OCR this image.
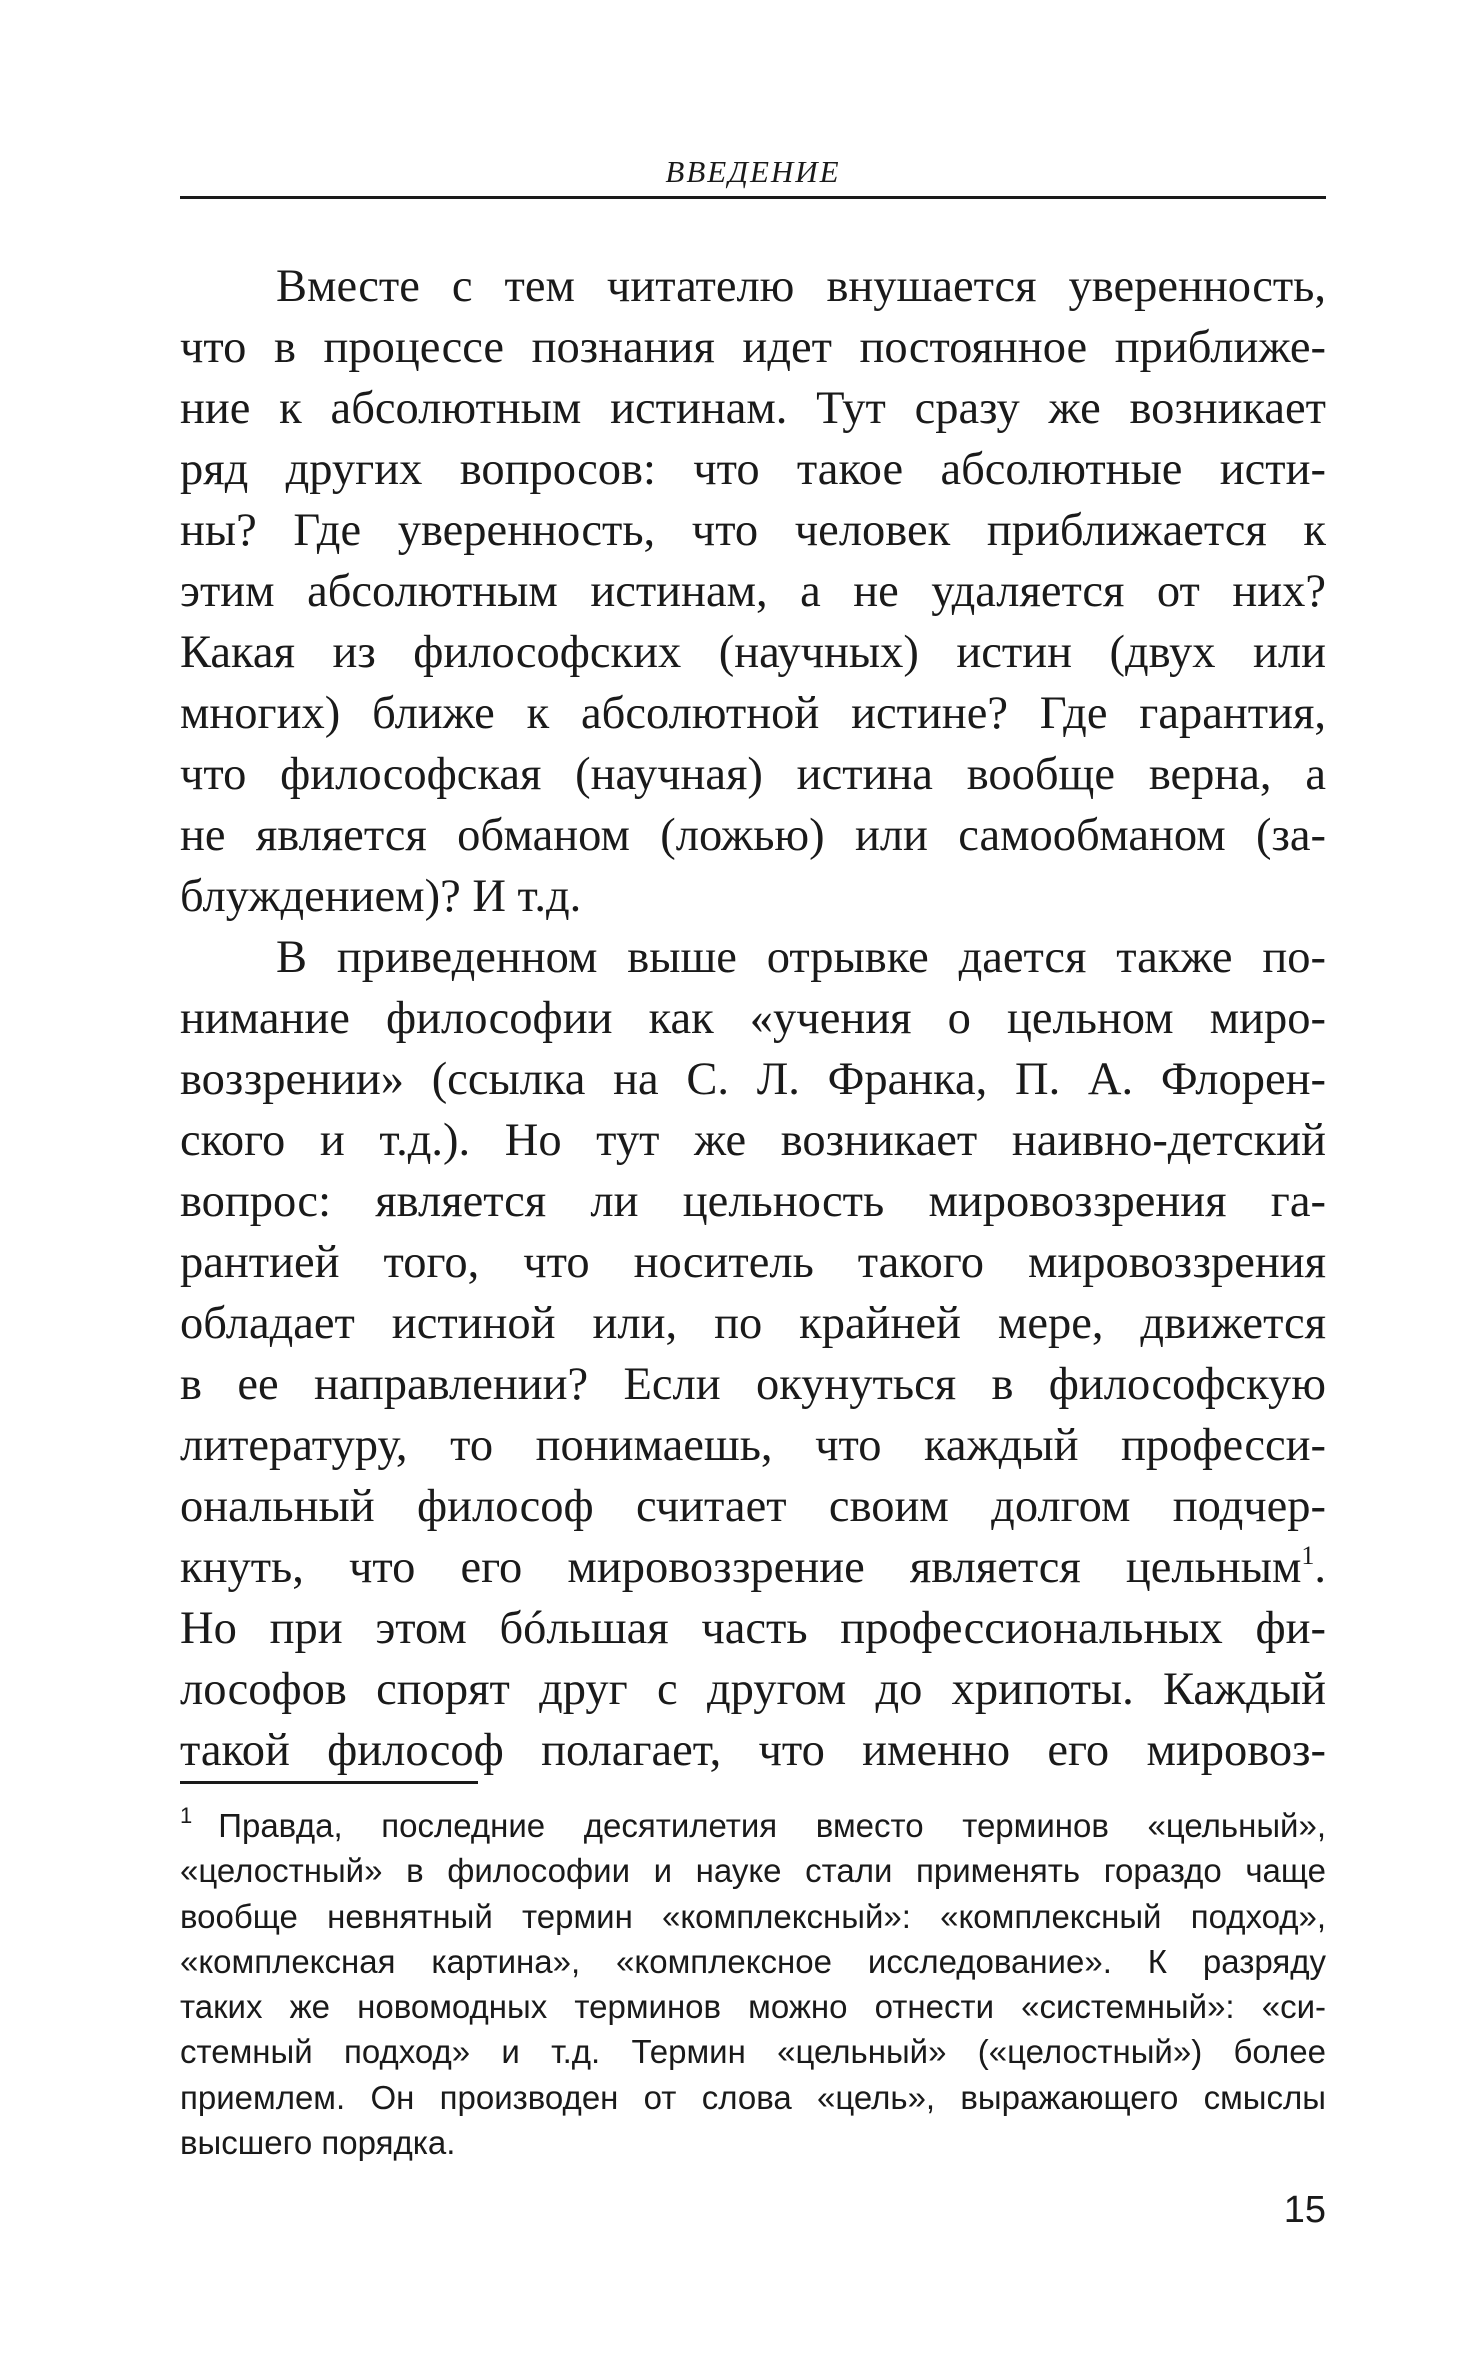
ВВЕДЕНИЕ
Вместе с тем читателю внушается уверенность,
что в процессе познания идет постоянное приближе-
ние к абсолютным истинам. Тут сразу же возникает
ряд других вопросов: что такое абсолютные исти-
ны? Где уверенность, что человек приближается к
этим абсолютным истинам, а не удаляется от них?
Какая из философских (научных) истин (двух или
многих) ближе к абсолютной истине? Где гарантия,
что философская (научная) истина вообще верна, а
не является обманом (ложью) или самообманом (за-
блуждением)? И т.д.
В приведенном выше отрывке дается также по-
нимание философии как «учения о цельном миро-
воззрении» (ссылка на С. Л. Франка, П. А. Флорен-
ского и т.д.). Но тут же возникает наивно-детский
вопрос: является ли цельность мировоззрения га-
рантией того, что носитель такого мировоззрения
обладает истиной или, по крайней мере, движется
в ее направлении? Если окунуться в философскую
литературу, то понимаешь, что каждый професси-
ональный философ считает своим долгом подчер-
кнуть, что его мировоззрение является цельным$^1$.
Но при этом бóльшая часть профессиональных фи-
лософов спорят друг с другом до хрипоты. Каждый
такой философ полагает, что именно его мировоз-
$^1$ Правда, последние десятилетия вместо терминов «цельный»,
«целостный» в философии и науке стали применять гораздо чаще
вообще невнятный термин «комплексный»: «комплексный подход»,
«комплексная картина», «комплексное исследование». К разряду
таких же новомодных терминов можно отнести «системный»: «си-
стемный подход» и т.д. Термин «цельный» («целостный») более
приемлем. Он производен от слова «цель», выражающего смыслы
высшего порядка.
15
